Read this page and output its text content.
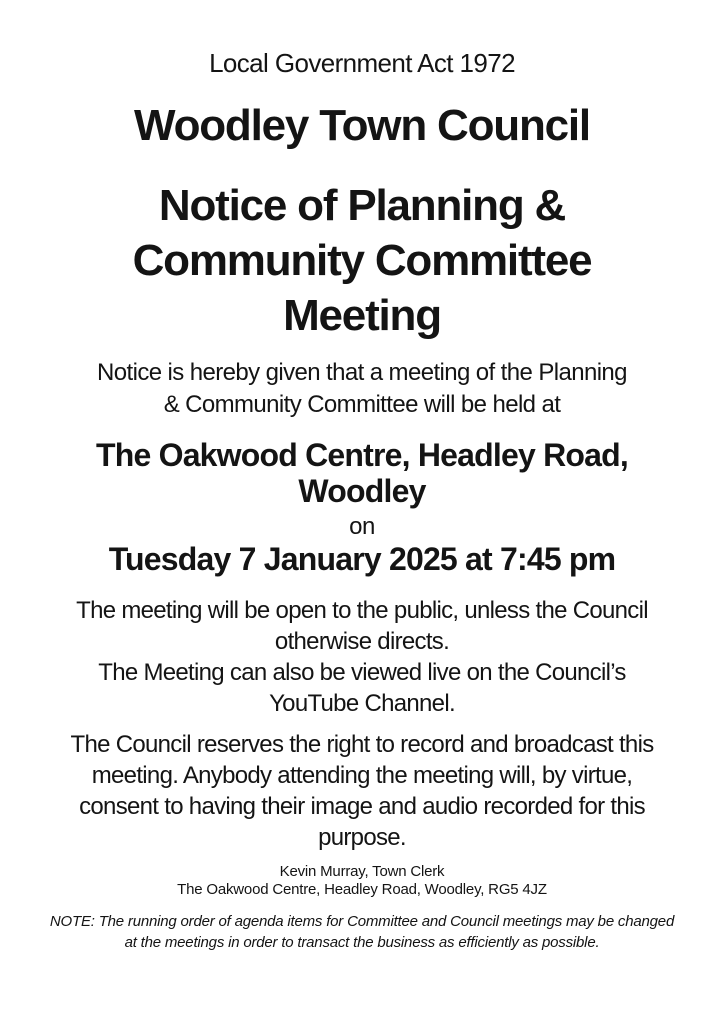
Local Government Act 1972
Woodley Town Council
Notice of Planning &
Community Committee
Meeting
Notice is hereby given that a meeting of the Planning
& Community Committee will be held at
The Oakwood Centre, Headley Road,
Woodley
on
Tuesday 7 January 2025 at 7:45 pm
The meeting will be open to the public, unless the Council
otherwise directs.
The Meeting can also be viewed live on the Council’s
YouTube Channel.
The Council reserves the right to record and broadcast this
meeting. Anybody attending the meeting will, by virtue,
consent to having their image and audio recorded for this
purpose.
Kevin Murray, Town Clerk
The Oakwood Centre, Headley Road, Woodley, RG5 4JZ
NOTE: The running order of agenda items for Committee and Council meetings may be changed
at the meetings in order to transact the business as efficiently as possible.
